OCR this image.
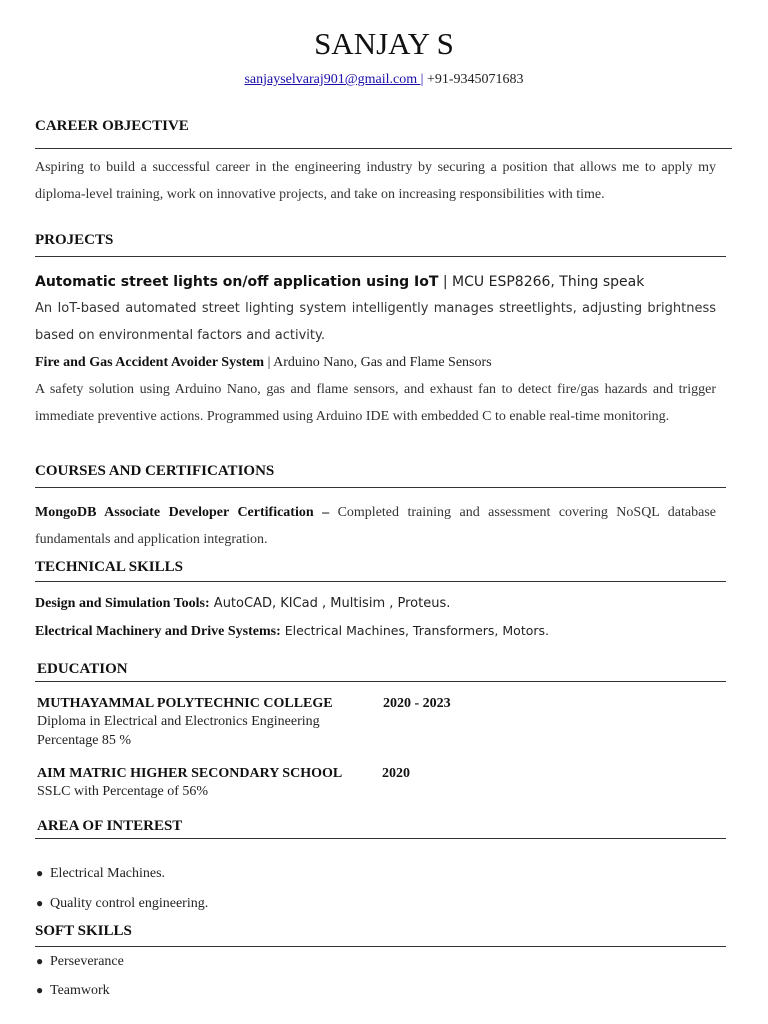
SANJAY S
sanjayselvaraj901@gmail.com | +91-9345071683
CAREER OBJECTIVE
Aspiring to build a successful career in the engineering industry by securing a position that allows me to apply my diploma-level training, work on innovative projects, and take on increasing responsibilities with time.
PROJECTS
Automatic street lights on/off application using IoT | MCU ESP8266, Thing speak
An IoT-based automated street lighting system intelligently manages streetlights, adjusting brightness based on environmental factors and activity.
Fire and Gas Accident Avoider System | Arduino Nano, Gas and Flame Sensors
A safety solution using Arduino Nano, gas and flame sensors, and exhaust fan to detect fire/gas hazards and trigger immediate preventive actions. Programmed using Arduino IDE with embedded C to enable real-time monitoring.
COURSES AND CERTIFICATIONS
MongoDB Associate Developer Certification – Completed training and assessment covering NoSQL database fundamentals and application integration.
TECHNICAL SKILLS
Design and Simulation Tools: AutoCAD, KICad , Multisim , Proteus.
Electrical Machinery and Drive Systems: Electrical Machines, Transformers, Motors.
EDUCATION
MUTHAYAMMAL POLYTECHNIC COLLEGE	2020 - 2023
Diploma in Electrical and Electronics Engineering
Percentage 85 %
AIM MATRIC HIGHER SECONDARY SCHOOL	2020
SSLC with Percentage of 56%
AREA OF INTEREST
● Electrical Machines.
● Quality control engineering.
SOFT SKILLS
● Perseverance
● Teamwork
